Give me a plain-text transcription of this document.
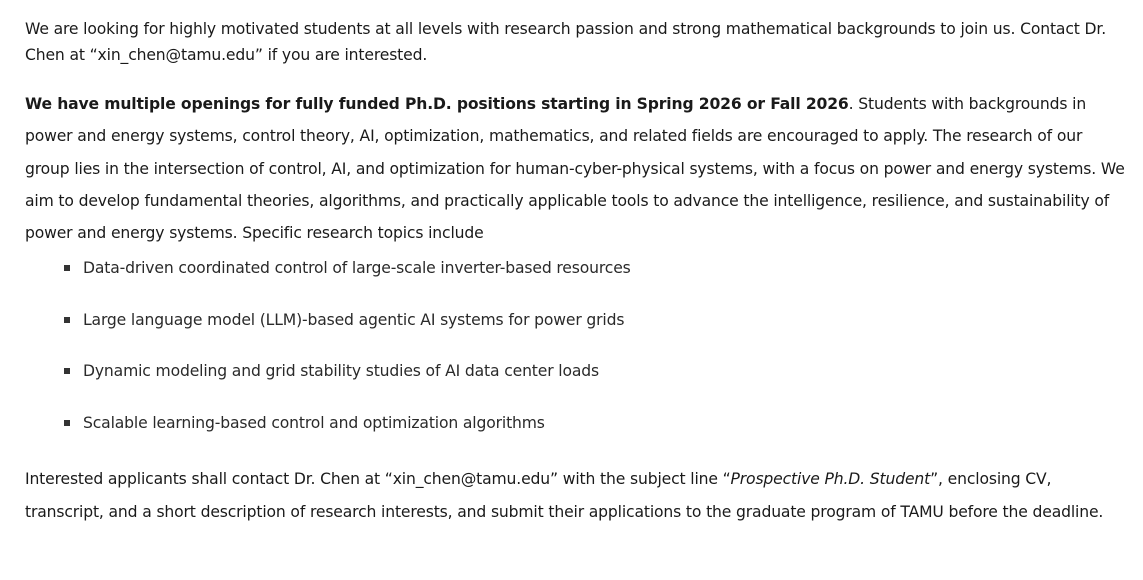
We are looking for highly motivated students at all levels with research passion and strong mathematical backgrounds to join us. Contact Dr. Chen at “xin_chen@tamu.edu” if you are interested.

We have multiple openings for fully funded Ph.D. positions starting in Spring 2026 or Fall 2026. Students with backgrounds in power and energy systems, control theory, AI, optimization, mathematics, and related fields are encouraged to apply. The research of our group lies in the intersection of control, AI, and optimization for human-cyber-physical systems, with a focus on power and energy systems. We aim to develop fundamental theories, algorithms, and practically applicable tools to advance the intelligence, resilience, and sustainability of power and energy systems. Specific research topics include

Data-driven coordinated control of large-scale inverter-based resources
Large language model (LLM)-based agentic AI systems for power grids
Dynamic modeling and grid stability studies of AI data center loads
Scalable learning-based control and optimization algorithms

Interested applicants shall contact Dr. Chen at “xin_chen@tamu.edu” with the subject line “Prospective Ph.D. Student”, enclosing CV, transcript, and a short description of research interests, and submit their applications to the graduate program of TAMU before the deadline.
